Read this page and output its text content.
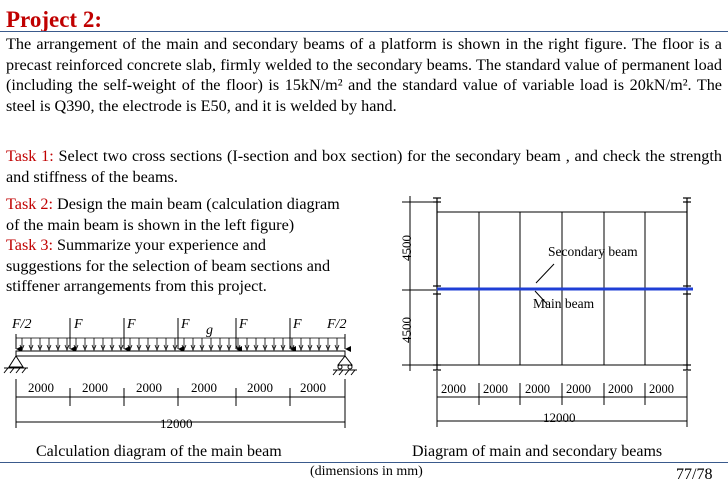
Project 2:

The arrangement of the main and secondary beams of a platform is shown in the right figure. The floor is a precast reinforced concrete slab, firmly welded to the secondary beams. The standard value of permanent load (including the self-weight of the floor) is 15kN/m² and the standard value of variable load is 20kN/m². The steel is Q390, the electrode is E50, and it is welded by hand.

Task 1: Select two cross sections (I-section and box section) for the secondary beam , and check the strength and stiffness of the beams.

Task 2: Design the main beam (calculation diagram
of the main beam is shown in the left figure)
Task 3: Summarize your experience and
suggestions for the selection of beam sections and
stiffener arrangements from this project.
F/2	F	F	F	F	F F/2
g
2000 2000 2000 2000 2000 2000
12000
Calculation diagram of the main beam
4500
4500
Secondary beam
Main beam
2000 2000 2000 2000 2000 2000
12000
Diagram of main and secondary beams
(dimensions in mm)	77/78
